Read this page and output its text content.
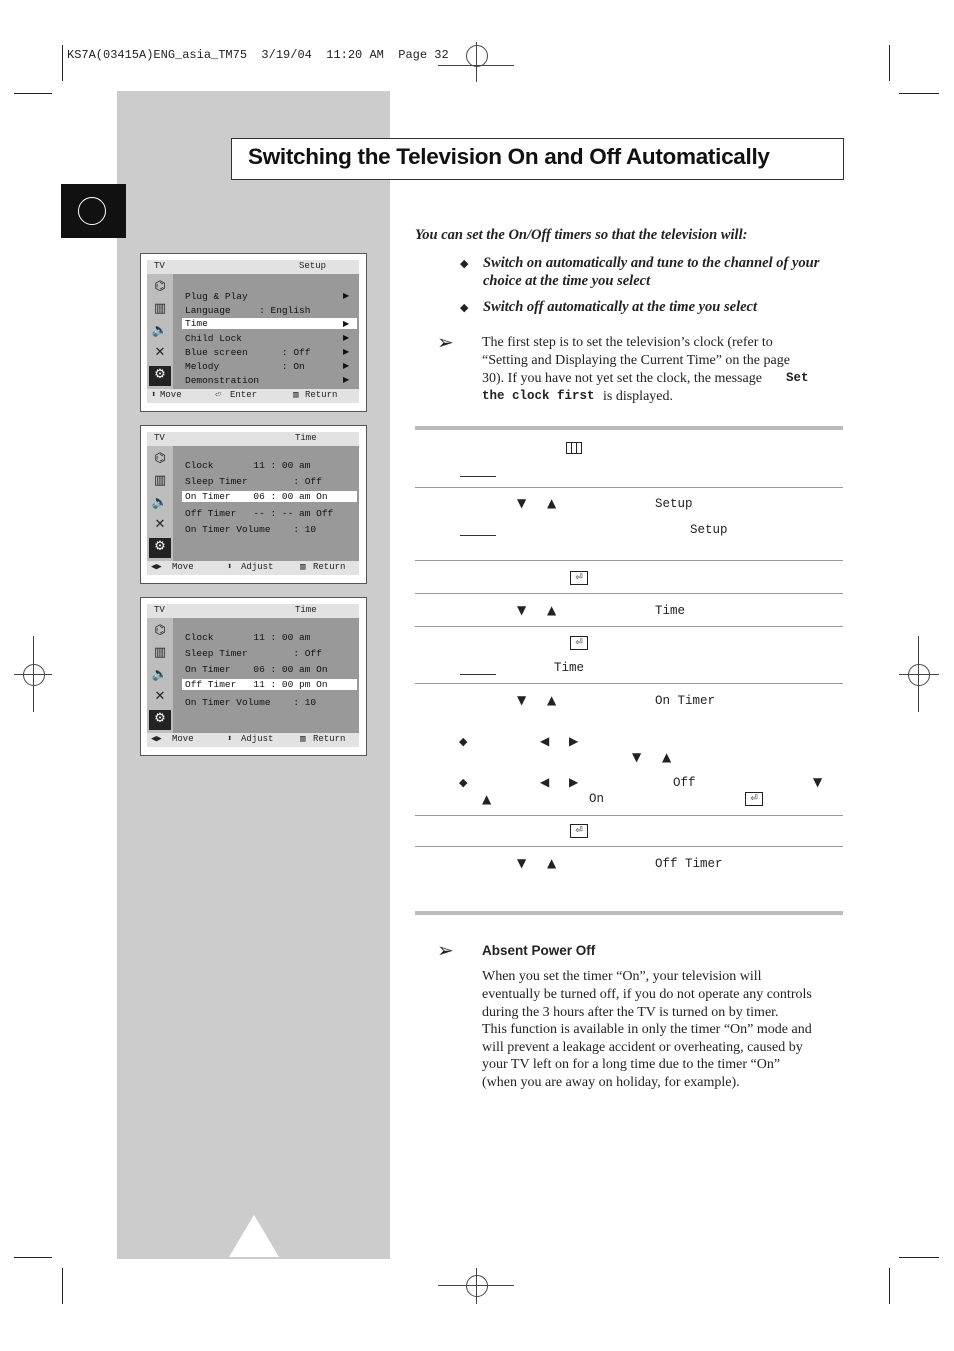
KS7A(03415A)ENG_asia_TM75  3/19/04  11:20 AM  Page 32
Switching the Television On and Off Automatically
TV	Setup
⌬
▥
🔈
✕
⚙
Plug & Play	▶
Language     : English
Time	▶
Child Lock	▶
Blue screen      : Off	▶
Melody           : On	▶
Demonstration	▶
⬍ Move	⏎ Enter	▥ Return
TV	Time
⌬
▥
🔈
✕
⚙
Clock       11 : 00 am
Sleep Timer        : Off
On Timer    06 : 00 am On
Off Timer   -- : -- am Off
On Timer Volume    : 10
◀▶ Move	⬍ Adjust	▥ Return
TV	Time
⌬
▥
🔈
✕
⚙
Clock       11 : 00 am
Sleep Timer        : Off
On Timer    06 : 00 am On
Off Timer   11 : 00 pm On
On Timer Volume    : 10
◀▶ Move	⬍ Adjust	▥ Return
You can set the On/Off timers so that the television will:
◆ Switch on automatically and tune to the channel of your
choice at the time you select
◆ Switch off automatically at the time you select
➢ The first step is to set the television’s clock (refer to
“Setting and Displaying the Current Time” on the page
30). If you have not yet set the clock, the message Set
the clock first is displayed.
▼ ▲	Setup
Setup
⏎
▼ ▲	Time
⏎
Time
▼ ▲	On Timer
◆	◀ ▶
▼ ▲
◆	◀ ▶	Off	▼
▲	On	⏎
⏎
▼ ▲	Off Timer
➢ Absent Power Off
When you set the timer “On”, your television will
eventually be turned off, if you do not operate any controls
during the 3 hours after the TV is turned on by timer.
This function is available in only the timer “On” mode and
will prevent a leakage accident or overheating, caused by
your TV left on for a long time due to the timer “On”
(when you are away on holiday, for example).
